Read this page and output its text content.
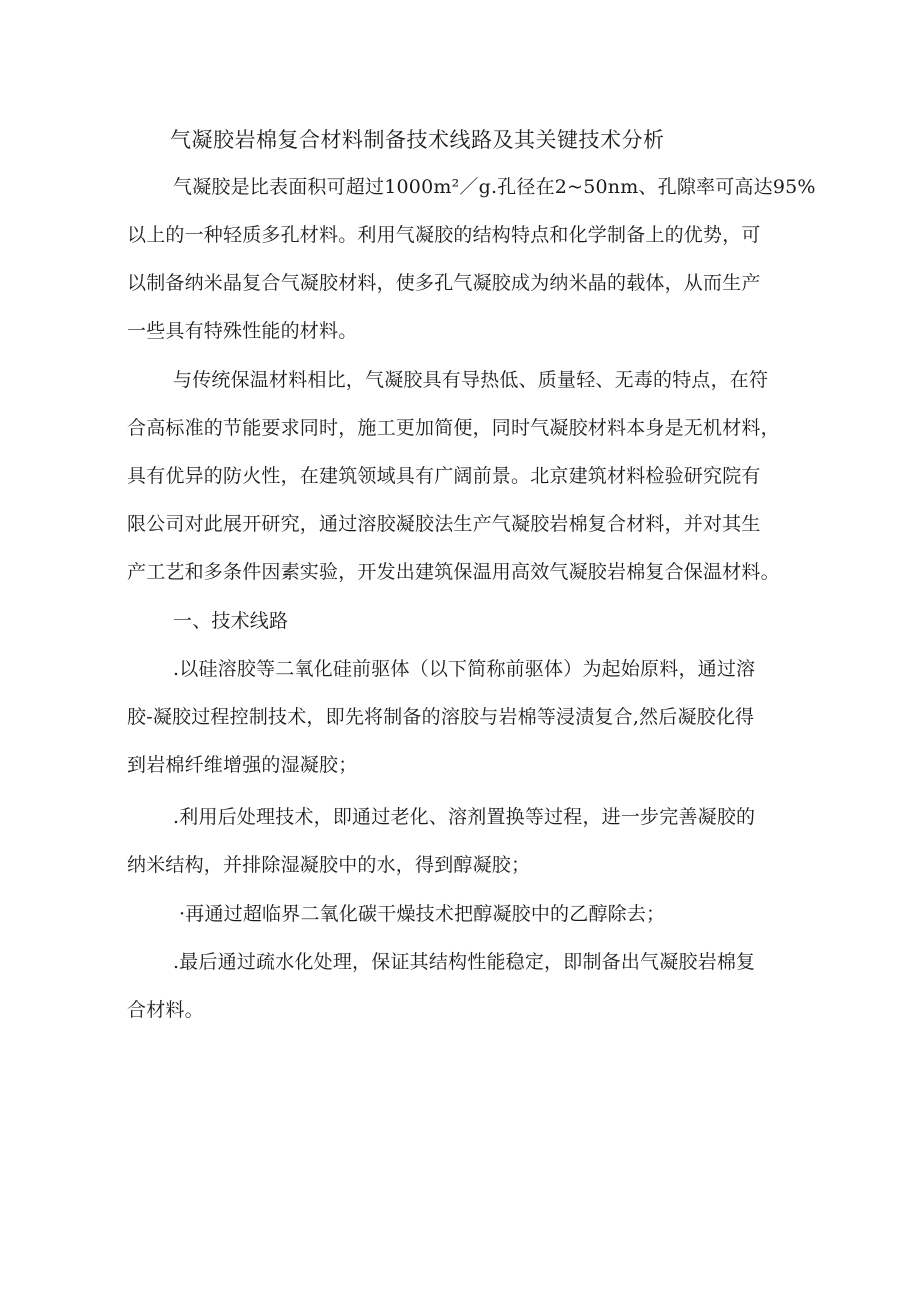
气凝胶岩棉复合材料制备技术线路及其关键技术分析
气凝胶是比表面积可超过1000m²／g.孔径在2~50nm、孔隙率可高达95%
以上的一种轻质多孔材料。利用气凝胶的结构特点和化学制备上的优势，可
以制备纳米晶复合气凝胶材料，使多孔气凝胶成为纳米晶的载体，从而生产
一些具有特殊性能的材料。
与传统保温材料相比，气凝胶具有导热低、质量轻、无毒的特点，在符
合高标准的节能要求同时，施工更加简便，同时气凝胶材料本身是无机材料，
具有优异的防火性，在建筑领域具有广阔前景。北京建筑材料检验研究院有
限公司对此展开研究，通过溶胶凝胶法生产气凝胶岩棉复合材料，并对其生
产工艺和多条件因素实验，开发出建筑保温用高效气凝胶岩棉复合保温材料。
一、技术线路
.以硅溶胶等二氧化硅前驱体（以下简称前驱体）为起始原料，通过溶
胶-凝胶过程控制技术，即先将制备的溶胶与岩棉等浸渍复合,然后凝胶化得
到岩棉纤维增强的湿凝胶；
.利用后处理技术，即通过老化、溶剂置换等过程，进一步完善凝胶的
纳米结构，并排除湿凝胶中的水，得到醇凝胶；
·再通过超临界二氧化碳干燥技术把醇凝胶中的乙醇除去；
.最后通过疏水化处理，保证其结构性能稳定，即制备出气凝胶岩棉复
合材料。
